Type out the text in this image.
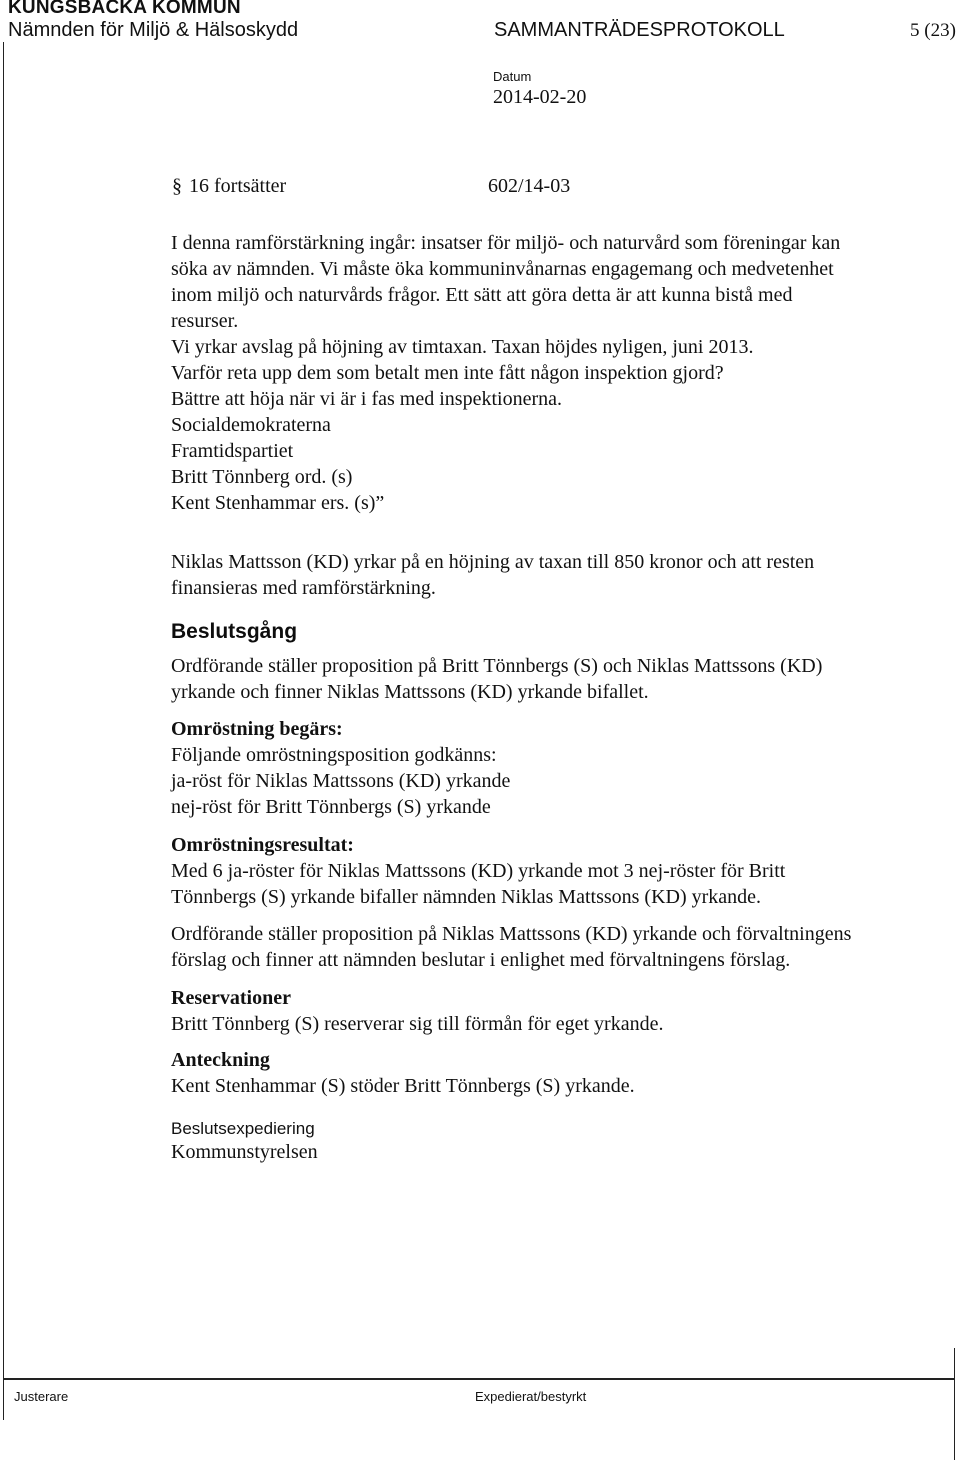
KUNGSBACKA KOMMUN
Nämnden för Miljö & Hälsoskydd	SAMMANTRÄDESPROTOKOLL	5 (23)
Datum
2014-02-20
§ 16 fortsätter	602/14-03
I denna ramförstärkning ingår: insatser för miljö- och naturvård som föreningar kan
söka av nämnden. Vi måste öka kommuninvånarnas engagemang och medvetenhet
inom miljö och naturvårds frågor. Ett sätt att göra detta är att kunna bistå med
resurser.
Vi yrkar avslag på höjning av timtaxan. Taxan höjdes nyligen, juni 2013.
Varför reta upp dem som betalt men inte fått någon inspektion gjord?
Bättre att höja när vi är i fas med inspektionerna.
Socialdemokraterna
Framtidspartiet
Britt Tönnberg ord. (s)
Kent Stenhammar ers. (s)”
Niklas Mattsson (KD) yrkar på en höjning av taxan till 850 kronor och att resten
finansieras med ramförstärkning.
Beslutsgång
Ordförande ställer proposition på Britt Tönnbergs (S) och Niklas Mattssons (KD)
yrkande och finner Niklas Mattssons (KD) yrkande bifallet.
Omröstning begärs:
Följande omröstningsposition godkänns:
ja-röst för Niklas Mattssons (KD) yrkande
nej-röst för Britt Tönnbergs (S) yrkande
Omröstningsresultat:
Med 6 ja-röster för Niklas Mattssons (KD) yrkande mot 3 nej-röster för Britt
Tönnbergs (S) yrkande bifaller nämnden Niklas Mattssons (KD) yrkande.
Ordförande ställer proposition på Niklas Mattssons (KD) yrkande och förvaltningens
förslag och finner att nämnden beslutar i enlighet med förvaltningens förslag.
Reservationer
Britt Tönnberg (S) reserverar sig till förmån för eget yrkande.
Anteckning
Kent Stenhammar (S) stöder Britt Tönnbergs (S) yrkande.
Beslutsexpediering
Kommunstyrelsen
Justerare	Expedierat/bestyrkt
